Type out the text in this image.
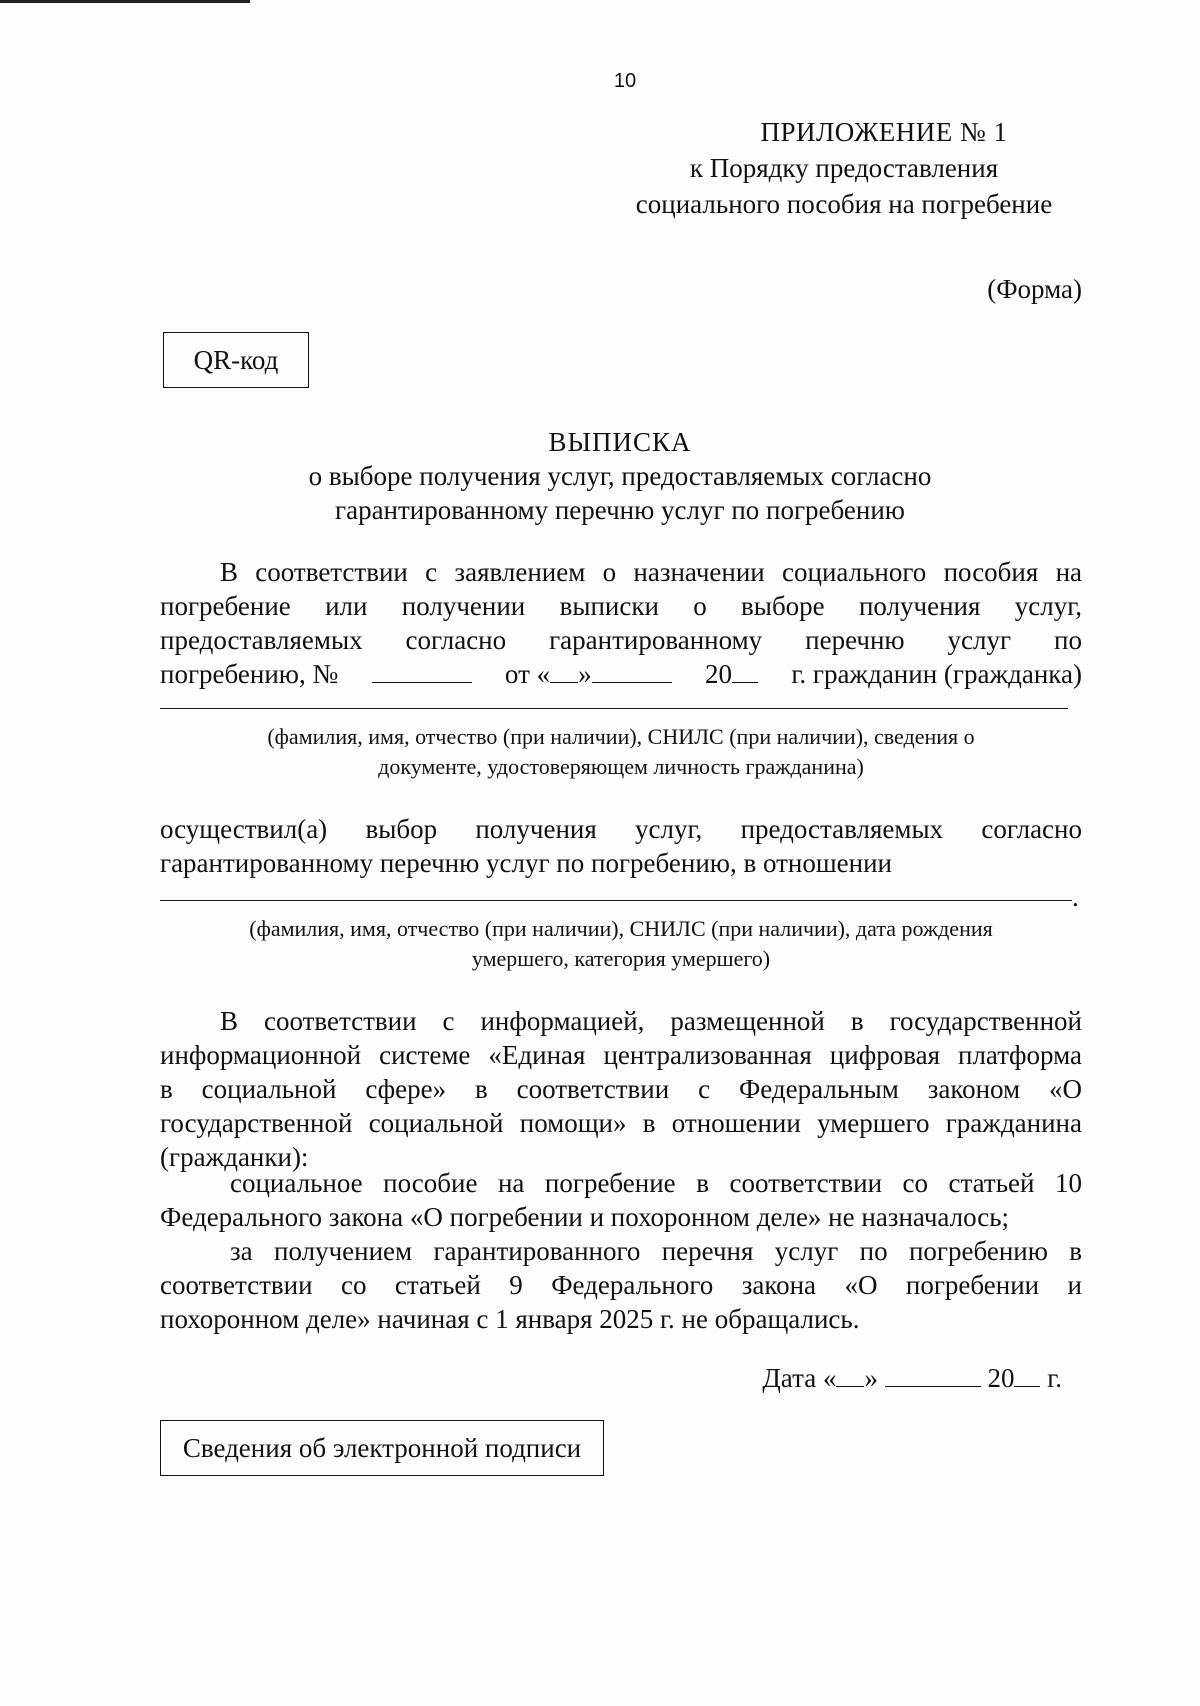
10
ПРИЛОЖЕНИЕ № 1
к Порядку предоставления
социального пособия на погребение
(Форма)
QR-код
ВЫПИСКА
о выборе получения услуг, предоставляемых согласно
гарантированному перечню услуг по погребению
В соответствии с заявлением о назначении социального пособия на
погребение или получении выписки о выборе получения услуг,
предоставляемых согласно гарантированному перечню услуг по
погребению, №	от « »	20	г. гражданин (гражданка)
(фамилия, имя, отчество (при наличии), СНИЛС (при наличии), сведения о
документе, удостоверяющем личность гражданина)
осуществил(а) выбор получения услуг, предоставляемых согласно
гарантированному перечню услуг по погребению, в отношении
.
(фамилия, имя, отчество (при наличии), СНИЛС (при наличии), дата рождения
умершего, категория умершего)
В соответствии с информацией, размещенной в государственной
информационной системе «Единая централизованная цифровая платформа
в социальной сфере» в соответствии с Федеральным законом «О
государственной социальной помощи» в отношении умершего гражданина
(гражданки):
социальное пособие на погребение в соответствии со статьей 10
Федерального закона «О погребении и похоронном деле» не назначалось;
за получением гарантированного перечня услуг по погребению в
соответствии со статьей 9 Федерального закона «О погребении и
похоронном деле» начиная с 1 января 2025 г. не обращались.
Дата « »	20 г.
Сведения об электронной подписи
